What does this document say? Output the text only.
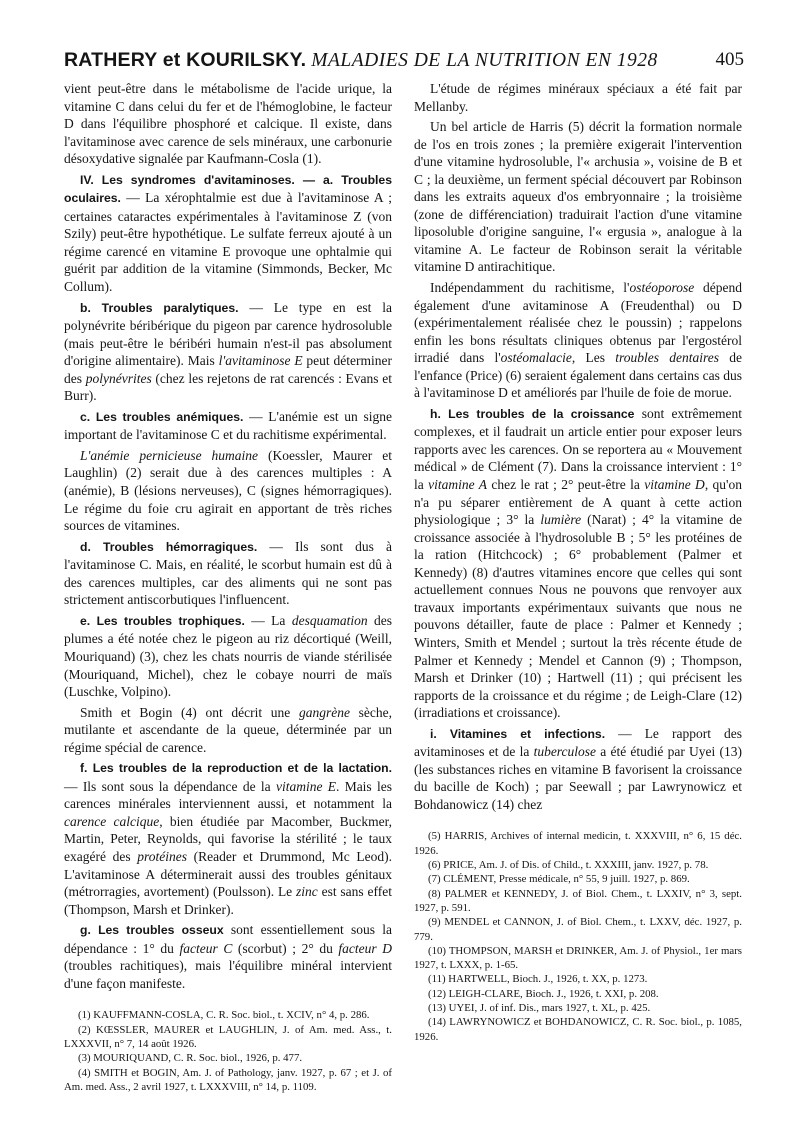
RATHERY et KOURILSKY. MALADIES DE LA NUTRITION EN 1928	405

vient peut-être dans le métabolisme de l'acide urique, la vitamine C dans celui du fer et de l'hémoglobine, le facteur D dans l'équilibre phosphoré et calcique. Il existe, dans l'avitaminose avec carence de sels minéraux, une carbonurie désoxydative signalée par Kaufmann-Cosla (1).

IV. Les syndromes d'avitaminoses. — a. Troubles oculaires. — La xérophtalmie est due à l'avitaminose A ; certaines cataractes expérimentales à l'avitaminose Z (von Szily) peut-être hypothétique. Le sulfate ferreux ajouté à un régime carencé en vitamine E provoque une ophtalmie qui guérit par addition de la vitamine (Simmonds, Becker, Mc Collum).

b. Troubles paralytiques. — Le type en est la polynévrite béribérique du pigeon par carence hydrosoluble (mais peut-être le béribéri humain n'est-il pas absolument d'origine alimentaire). Mais l'avitaminose E peut déterminer des polynévrites (chez les rejetons de rat carencés : Evans et Burr).

c. Les troubles anémiques. — L'anémie est un signe important de l'avitaminose C et du rachitisme expérimental.

L'anémie pernicieuse humaine (Koessler, Maurer et Laughlin) (2) serait due à des carences multiples : A (anémie), B (lésions nerveuses), C (signes hémorragiques). Le régime du foie cru agirait en apportant de très riches sources de vitamines.

d. Troubles hémorragiques. — Ils sont dus à l'avitaminose C. Mais, en réalité, le scorbut humain est dû à des carences multiples, car des aliments qui ne sont pas strictement antiscorbutiques l'influencent.

e. Les troubles trophiques. — La desquamation des plumes a été notée chez le pigeon au riz décortiqué (Weill, Mouriquand) (3), chez les chats nourris de viande stérilisée (Mouriquand, Michel), chez le cobaye nourri de maïs (Luschke, Volpino).

Smith et Bogin (4) ont décrit une gangrène sèche, mutilante et ascendante de la queue, déterminée par un régime spécial de carence.

f. Les troubles de la reproduction et de la lactation. — Ils sont sous la dépendance de la vitamine E. Mais les carences minérales interviennent aussi, et notamment la carence calcique, bien étudiée par Macomber, Buckmer, Martin, Peter, Reynolds, qui favorise la stérilité ; le taux exagéré des protéines (Reader et Drummond, Mc Leod). L'avitaminose A déterminerait aussi des troubles génitaux (métrorragies, avortement) (Poulsson). Le zinc est sans effet (Thompson, Marsh et Drinker).

g. Les troubles osseux sont essentiellement sous la dépendance : 1° du facteur C (scorbut) ; 2° du facteur D (troubles rachitiques), mais l'équilibre minéral intervient d'une façon manifeste.

(1) KAUFFMANN-COSLA, C. R. Soc. biol., t. XCIV, n° 4, p. 286.
(2) KŒSSLER, MAURER et LAUGHLIN, J. of Am. med. Ass., t. LXXXVII, n° 7, 14 août 1926.
(3) MOURIQUAND, C. R. Soc. biol., 1926, p. 477.
(4) SMITH et BOGIN, Am. J. of Pathology, janv. 1927, p. 67 ; et J. of Am. med. Ass., 2 avril 1927, t. LXXXVIII, n° 14, p. 1109.

L'étude de régimes minéraux spéciaux a été fait par Mellanby.

Un bel article de Harris (5) décrit la formation normale de l'os en trois zones ; la première exigerait l'intervention d'une vitamine hydrosoluble, l'« archusia », voisine de B et C ; la deuxième, un ferment spécial découvert par Robinson dans les extraits aqueux d'os embryonnaire ; la troisième (zone de différenciation) traduirait l'action d'une vitamine liposoluble d'origine sanguine, l'« ergusia », analogue à la vitamine A. Le facteur de Robinson serait la véritable vitamine D antirachitique.

Indépendamment du rachitisme, l'ostéoporose dépend également d'une avitaminose A (Freudenthal) ou D (expérimentalement réalisée chez le poussin) ; rappelons enfin les bons résultats cliniques obtenus par l'ergostérol irradié dans l'ostéomalacie, Les troubles dentaires de l'enfance (Price) (6) seraient également dans certains cas dus à l'avitaminose D et améliorés par l'huile de foie de morue.

h. Les troubles de la croissance sont extrêmement complexes, et il faudrait un article entier pour exposer leurs rapports avec les carences. On se reportera au « Mouvement médical » de Clément (7). Dans la croissance intervient : 1° la vitamine A chez le rat ; 2° peut-être la vitamine D, qu'on n'a pu séparer entièrement de A quant à cette action physiologique ; 3° la lumière (Narat) ; 4° la vitamine de croissance associée à l'hydrosoluble B ; 5° les protéines de la ration (Hitchcock) ; 6° probablement (Palmer et Kennedy) (8) d'autres vitamines encore que celles qui sont actuellement connues Nous ne pouvons que renvoyer aux travaux importants expérimentaux suivants que nous ne pouvons détailler, faute de place : Palmer et Kennedy ; Winters, Smith et Mendel ; surtout la très récente étude de Palmer et Kennedy ; Mendel et Cannon (9) ; Thompson, Marsh et Drinker (10) ; Hartwell (11) ; qui précisent les rapports de la croissance et du régime ; de Leigh-Clare (12) (irradiations et croissance).

i. Vitamines et infections. — Le rapport des avitaminoses et de la tuberculose a été étudié par Uyei (13) (les substances riches en vitamine B favorisent la croissance du bacille de Koch) ; par Seewall ; par Lawrynowicz et Bohdanowicz (14) chez

(5) HARRIS, Archives of internal medicin, t. XXXVIII, n° 6, 15 déc. 1926.
(6) PRICE, Am. J. of Dis. of Child., t. XXXIII, janv. 1927, p. 78.
(7) CLÉMENT, Presse médicale, n° 55, 9 juill. 1927, p. 869.
(8) PALMER et KENNEDY, J. of Biol. Chem., t. LXXIV, n° 3, sept. 1927, p. 591.
(9) MENDEL et CANNON, J. of Biol. Chem., t. LXXV, déc. 1927, p. 779.
(10) THOMPSON, MARSH et DRINKER, Am. J. of Physiol., 1er mars 1927, t. LXXX, p. 1-65.
(11) HARTWELL, Bioch. J., 1926, t. XX, p. 1273.
(12) LEIGH-CLARE, Bioch. J., 1926, t. XXI, p. 208.
(13) UYEI, J. of inf. Dis., mars 1927, t. XL, p. 425.
(14) LAWRYNOWICZ et BOHDANOWICZ, C. R. Soc. biol., p. 1085, 1926.
